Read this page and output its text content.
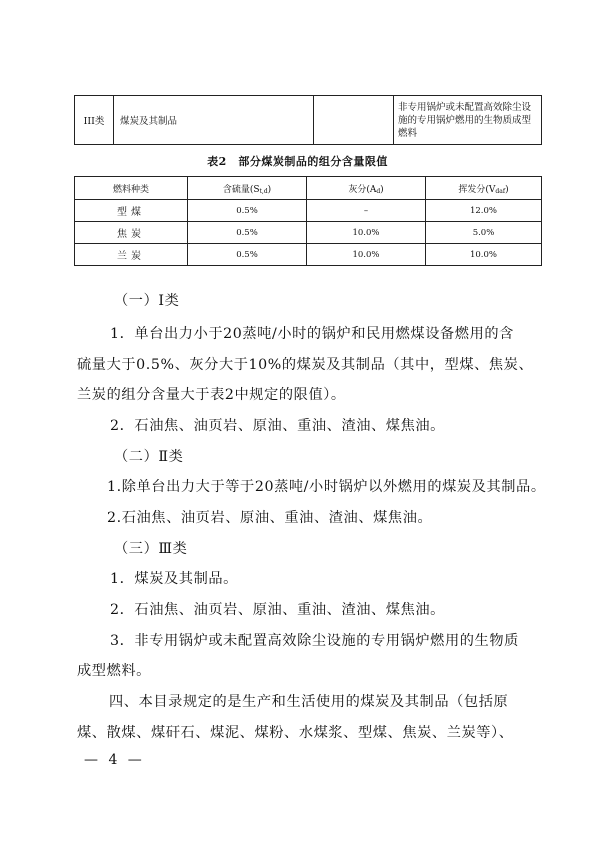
III类	煤炭及其制品		非专用锅炉或未配置高效除尘设施的专用锅炉燃用的生物质成型燃料
表2　部分煤炭制品的组分含量限值
燃料种类	含硫量$(S_{t,d})$	灰分$(A_d)$	挥发分$(V_{daf})$
型煤	0.5%	–	12.0%
焦炭	0.5%	10.0%	5.0%
兰炭	0.5%	10.0%	10.0%
（一）Ⅰ类
1．单台出力小于20蒸吨/小时的锅炉和民用燃煤设备燃用的含
硫量大于0.5%、灰分大于10%的煤炭及其制品（其中，型煤、焦炭、
兰炭的组分含量大于表2中规定的限值）。
2．石油焦、油页岩、原油、重油、渣油、煤焦油。
（二）Ⅱ类
1.除单台出力大于等于20蒸吨/小时锅炉以外燃用的煤炭及其制品。
2.石油焦、油页岩、原油、重油、渣油、煤焦油。
（三）Ⅲ类
1．煤炭及其制品。
2．石油焦、油页岩、原油、重油、渣油、煤焦油。
3．非专用锅炉或未配置高效除尘设施的专用锅炉燃用的生物质
成型燃料。
四、本目录规定的是生产和生活使用的煤炭及其制品（包括原
煤、散煤、煤矸石、煤泥、煤粉、水煤浆、型煤、焦炭、兰炭等）、
— 4 —
